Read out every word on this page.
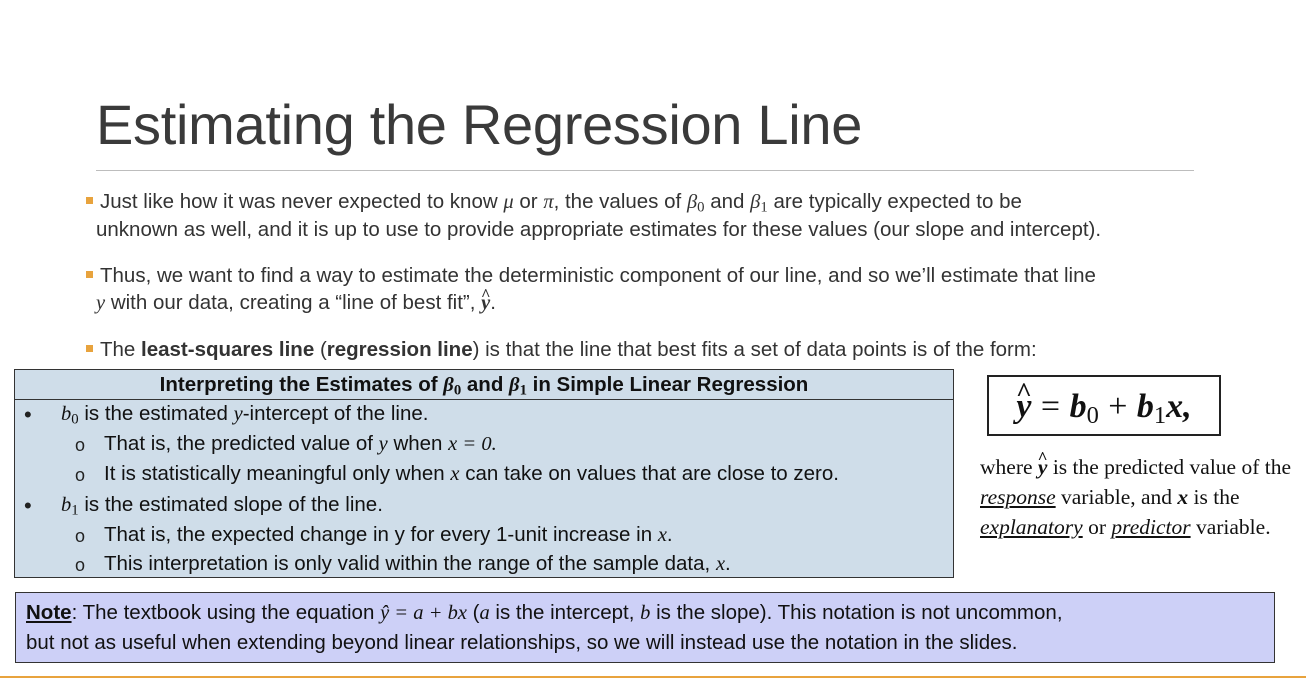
Estimating the Regression Line
Just like how it was never expected to know μ or π, the values of $\beta_0$ and $\beta_1$ are typically expected to be
unknown as well, and it is up to use to provide appropriate estimates for these values (our slope and intercept).
Thus, we want to find a way to estimate the deterministic component of our line, and so we’ll estimate that line
y with our data, creating a “line of best fit”, ^ y.
The least-squares line (regression line) is that the line that best fits a set of data points is of the form:
Interpreting the Estimates of $\beta_0$ and $\beta_1$ in Simple Linear Regression
• $b_0$ is the estimated y-intercept of the line.
o That is, the predicted value of y when x = 0.
o It is statistically meaningful only when x can take on values that are close to zero.
• $b_1$ is the estimated slope of the line.
o That is, the expected change in y for every 1-unit increase in x.
o This interpretation is only valid within the range of the sample data, x.
^ $y = b_0 + b_1x$,
where ^ y is the predicted value of the response variable, and x is the explanatory or predictor variable.
Note: The textbook using the equation ŷ = a + bx (a is the intercept, b is the slope). This notation is not uncommon,
but not as useful when extending beyond linear relationships, so we will instead use the notation in the slides.
